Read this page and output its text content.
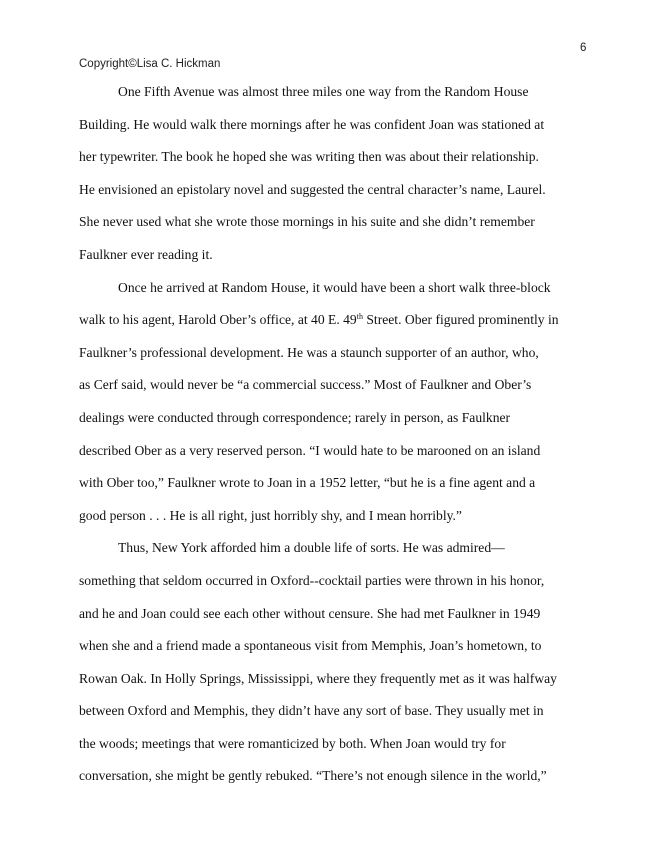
6
Copyright©Lisa C. Hickman

One Fifth Avenue was almost three miles one way from the Random House
Building. He would walk there mornings after he was confident Joan was stationed at
her typewriter. The book he hoped she was writing then was about their relationship.
He envisioned an epistolary novel and suggested the central character’s name, Laurel.
She never used what she wrote those mornings in his suite and she didn’t remember
Faulkner ever reading it.

Once he arrived at Random House, it would have been a short walk three-block
walk to his agent, Harold Ober’s office, at 40 E. 49th Street. Ober figured prominently in
Faulkner’s professional development. He was a staunch supporter of an author, who,
as Cerf said, would never be “a commercial success.” Most of Faulkner and Ober’s
dealings were conducted through correspondence; rarely in person, as Faulkner
described Ober as a very reserved person. “I would hate to be marooned on an island
with Ober too,” Faulkner wrote to Joan in a 1952 letter, “but he is a fine agent and a
good person . . . He is all right, just horribly shy, and I mean horribly.”

Thus, New York afforded him a double life of sorts. He was admired—
something that seldom occurred in Oxford--cocktail parties were thrown in his honor,
and he and Joan could see each other without censure. She had met Faulkner in 1949
when she and a friend made a spontaneous visit from Memphis, Joan’s hometown, to
Rowan Oak. In Holly Springs, Mississippi, where they frequently met as it was halfway
between Oxford and Memphis, they didn’t have any sort of base. They usually met in
the woods; meetings that were romanticized by both. When Joan would try for
conversation, she might be gently rebuked. “There’s not enough silence in the world,”
